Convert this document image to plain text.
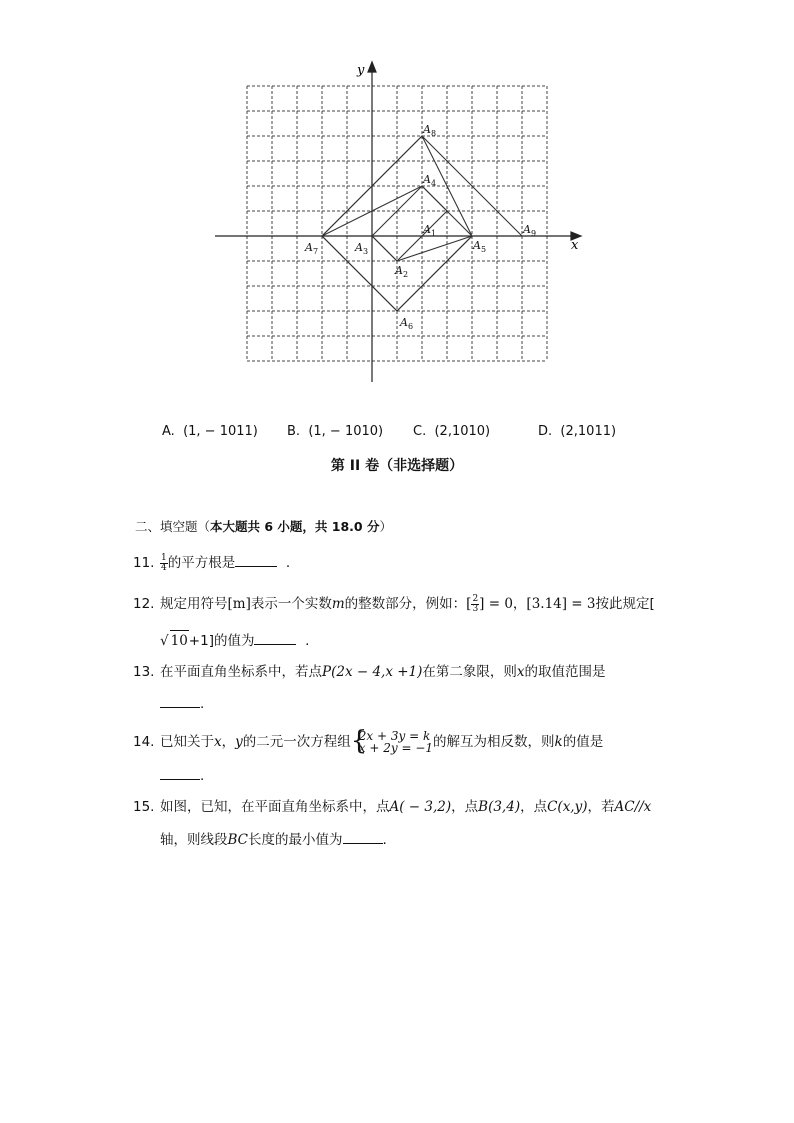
x
y
$A_1$
$A_2$
$A_3$
$A_4$
$A_5$
$A_6$
$A_7$
$A_8$
$A_9$
A. (1, − 1011) B. (1, − 1010) C. (2,1010)	D. (2,1011)
第 II 卷（非选择题）
二、填空题（本大题共 6 小题，共 18.0 分）
11. $\frac{1}{4}$ 的平方根是	.
12. 规定用符号[m]表示一个实数m的整数部分，例如：[ $\frac{2}{3}$ ] = 0，[3.14] = 3按此规定[
√ 10+1]的值为	.
13. 在平面直角坐标系中，若点P(2x − 4,x +1)在第二象限，则x的取值范围是
.
14. 已知关于x，y的二元一次方程组 {
2x + 3y = k
x + 2y = −1 的解互为相反数，则k的值是
.
15. 如图，已知，在平面直角坐标系中，点A( − 3,2)，点B(3,4)，点C(x,y)，若AC//x
轴，则线段BC长度的最小值为	.
